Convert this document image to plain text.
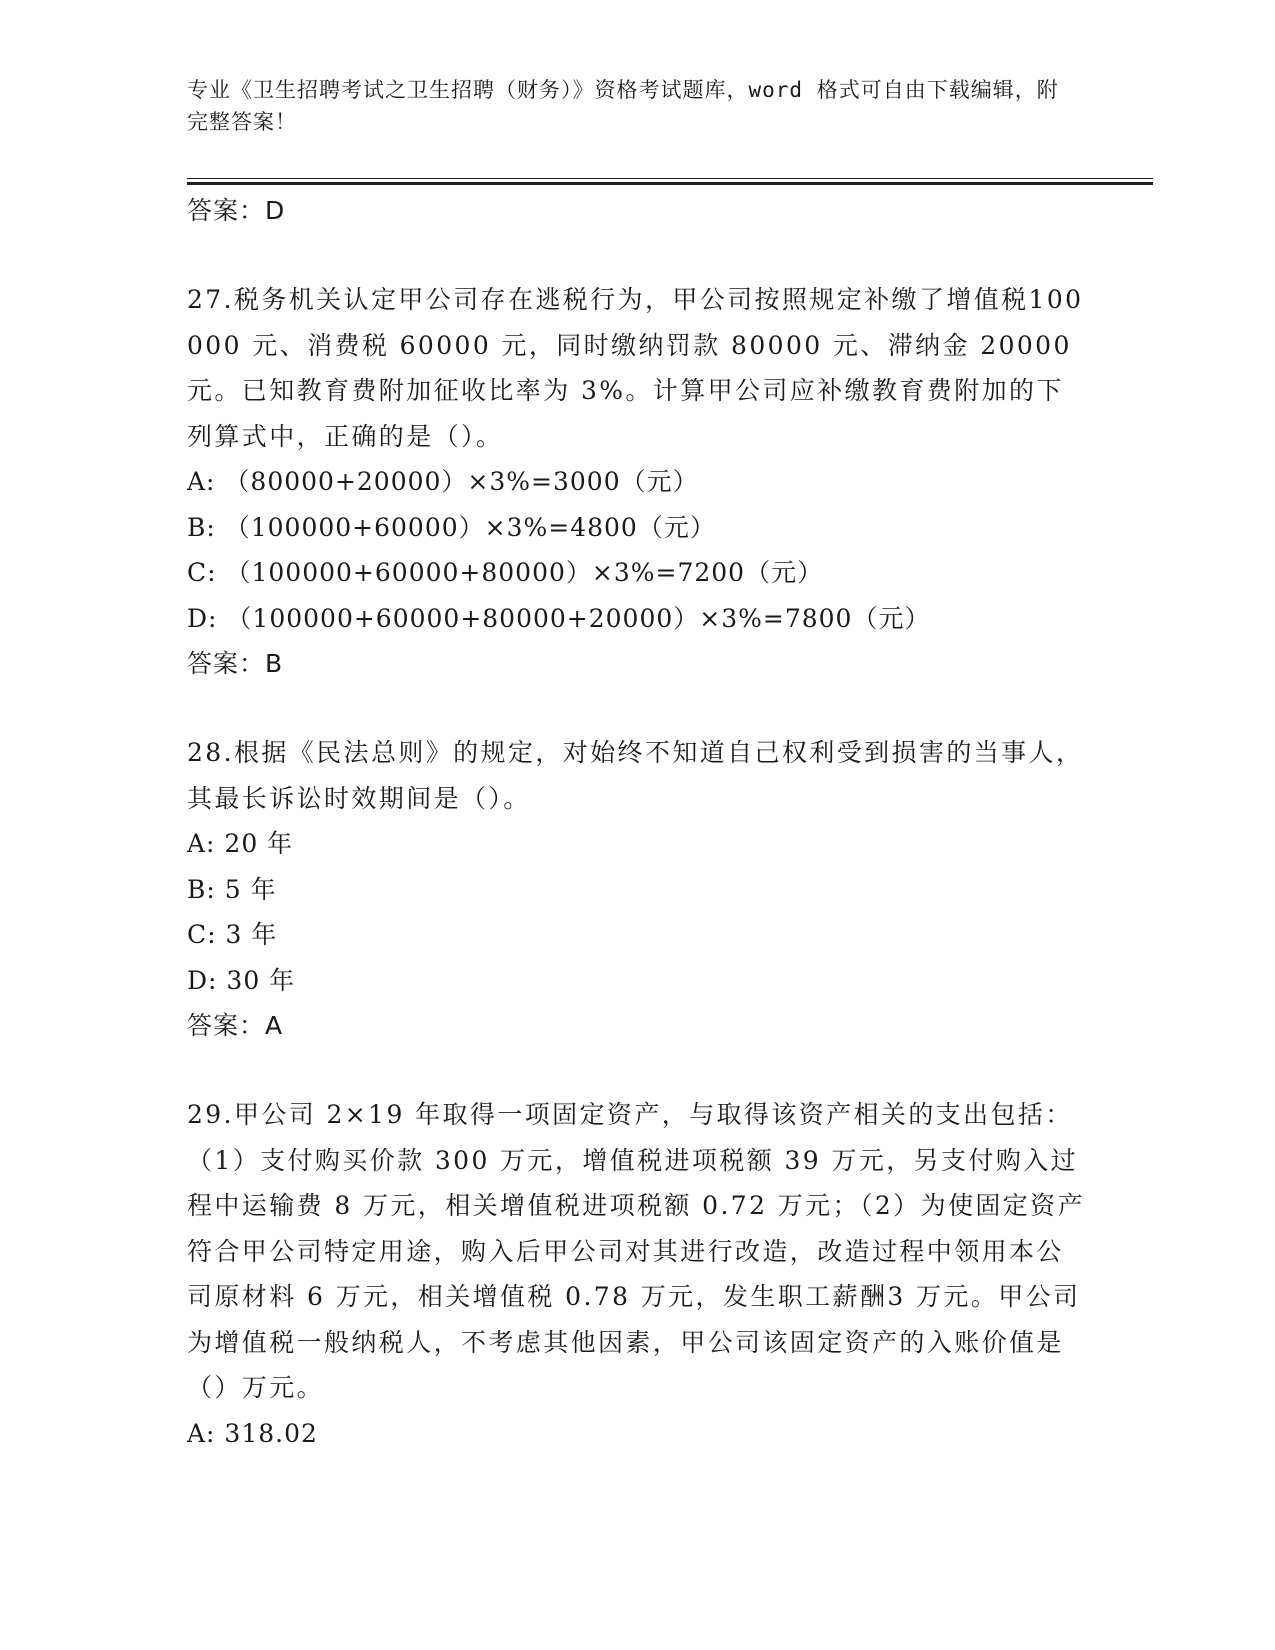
专业《卫生招聘考试之卫生招聘（财务）》资格考试题库，word 格式可自由下载编辑，附完整答案！
答案：D
27.税务机关认定甲公司存在逃税行为，甲公司按照规定补缴了增值税100000 元、消费税 60000 元，同时缴纳罚款 80000 元、滞纳金 20000元。已知教育费附加征收比率为 3%。计算甲公司应补缴教育费附加的下列算式中，正确的是（）。
A: （80000+20000）×3%=3000（元）
B: （100000+60000）×3%=4800（元）
C: （100000+60000+80000）×3%=7200（元）
D: （100000+60000+80000+20000）×3%=7800（元）
答案：B
28.根据《民法总则》的规定，对始终不知道自己权利受到损害的当事人，其最长诉讼时效期间是（）。
A: 20 年
B: 5 年
C: 3 年
D: 30 年
答案：A
29.甲公司 2×19 年取得一项固定资产，与取得该资产相关的支出包括：（1）支付购买价款 300 万元，增值税进项税额 39 万元，另支付购入过程中运输费 8 万元，相关增值税进项税额 0.72 万元；（2）为使固定资产符合甲公司特定用途，购入后甲公司对其进行改造，改造过程中领用本公司原材料 6 万元，相关增值税 0.78 万元，发生职工薪酬3 万元。甲公司为增值税一般纳税人，不考虑其他因素，甲公司该固定资产的入账价值是（）万元。
A: 318.02
